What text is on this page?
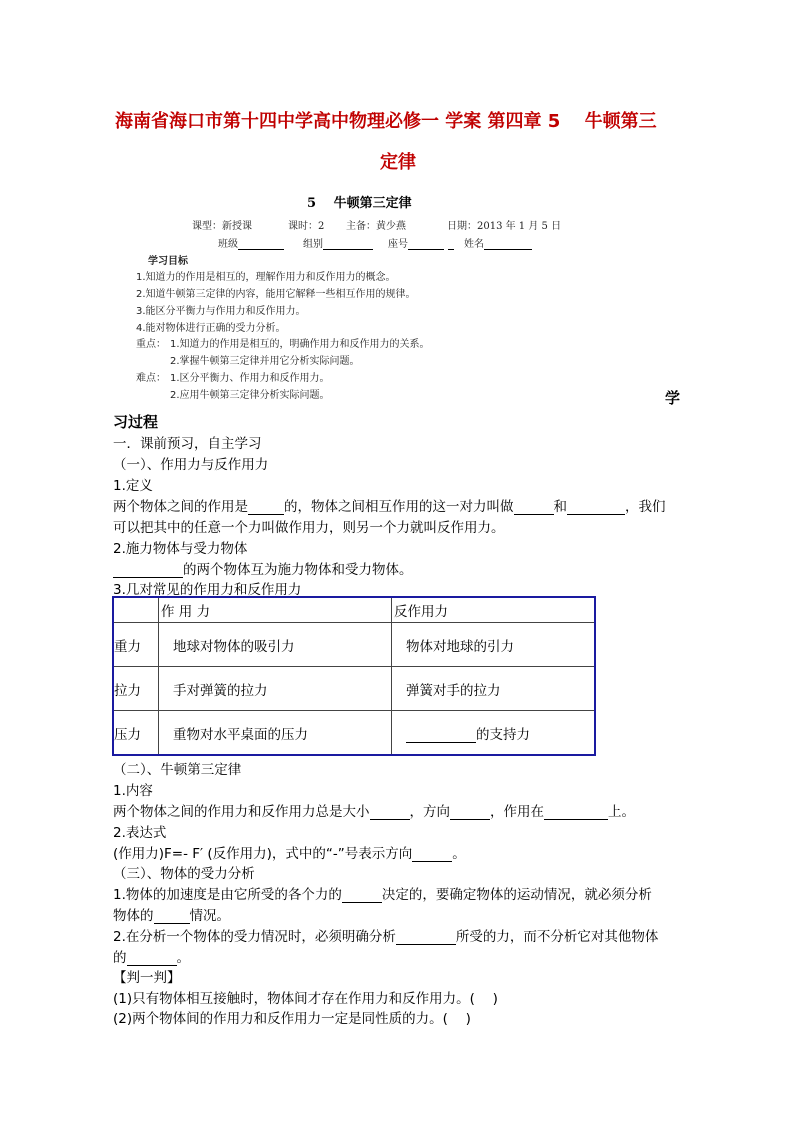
海南省海口市第十四中学高中物理必修一 学案 第四章 5　 牛顿第三
定律
5　 牛顿第三定律
课型：新授课	课时：2 主备：黄少燕	日期：2013 年 1 月 5 日
班级	组别	座号	姓名
学习目标
1.知道力的作用是相互的，理解作用力和反作用力的概念。
2.知道牛顿第三定律的内容，能用它解释一些相互作用的规律。
3.能区分平衡力与作用力和反作用力。
4.能对物体进行正确的受力分析。
重点： 1.知道力的作用是相互的，明确作用力和反作用力的关系。
2.掌握牛顿第三定律并用它分析实际问题。
难点： 1.区分平衡力、作用力和反作用力。
2.应用牛顿第三定律分析实际问题。	学
习过程
一．课前预习，自主学习
（一）、作用力与反作用力
1.定义
两个物体之间的作用是	的，物体之间相互作用的这一对力叫做	和	，我们
可以把其中的任意一个力叫做作用力，则另一个力就叫反作用力。
2.施力物体与受力物体
的两个物体互为施力物体和受力物体。
3.几对常见的作用力和反作用力
	作 用 力	反作用力
重力	地球对物体的吸引力	物体对地球的引力
拉力	手对弹簧的拉力	弹簧对手的拉力
压力	重物对水平桌面的压力	的支持力
（二）、牛顿第三定律
1.内容
两个物体之间的作用力和反作用力总是大小	，方向	，作用在	上。
2.表达式
(作用力)F=- F′ (反作用力)，式中的“-”号表示方向	。
（三）、物体的受力分析
1.物体的加速度是由它所受的各个力的	决定的，要确定物体的运动情况，就必须分析
物体的	情况。
2.在分析一个物体的受力情况时，必须明确分析	所受的力，而不分析它对其他物体
的	。
【判一判】
(1)只有物体相互接触时，物体间才存在作用力和反作用力。(　 )
(2)两个物体间的作用力和反作用力一定是同性质的力。(　 )
